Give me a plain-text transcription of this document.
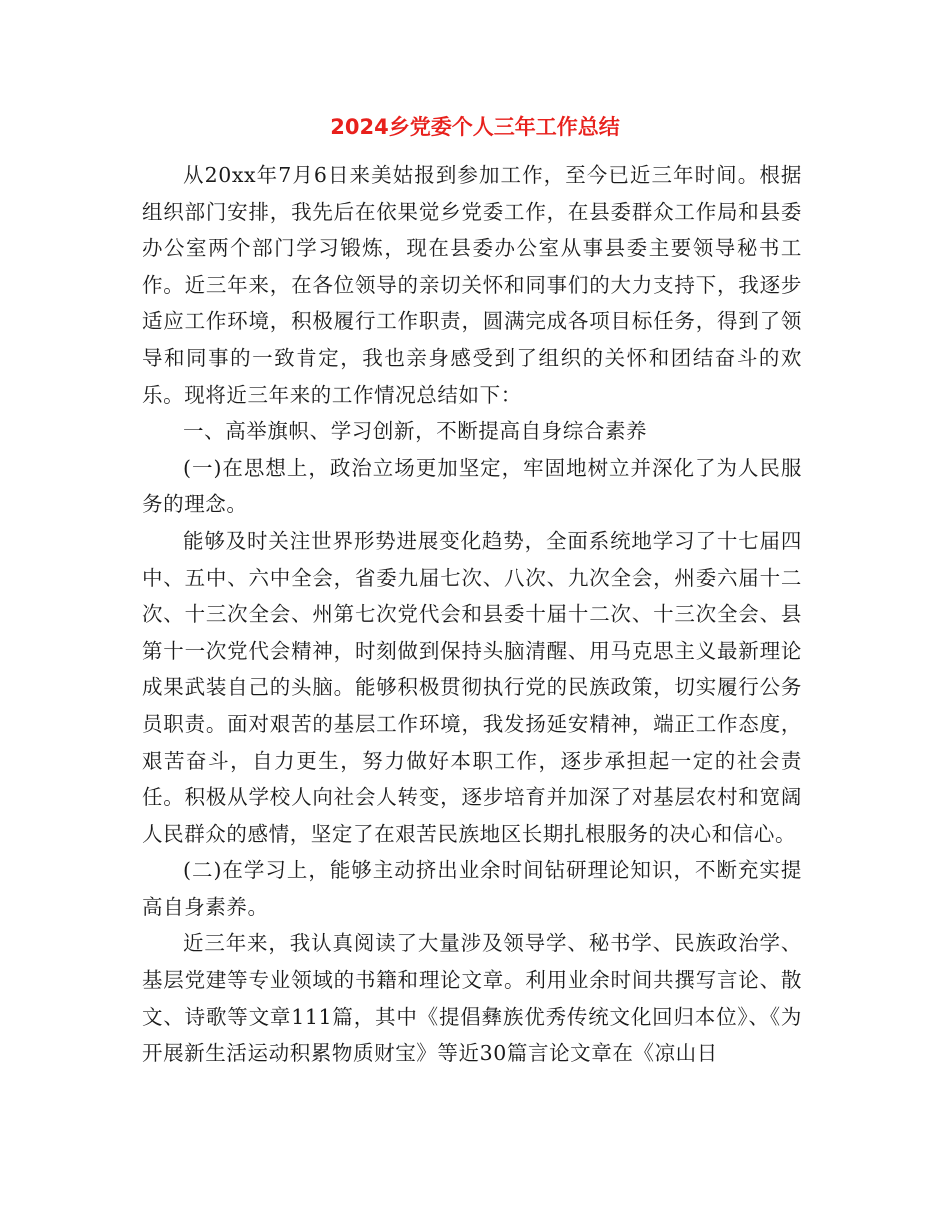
2024乡党委个人三年工作总结

从20xx年7月6日来美姑报到参加工作，至今已近三年时间。根据组织部门安排，我先后在依果觉乡党委工作，在县委群众工作局和县委办公室两个部门学习锻炼，现在县委办公室从事县委主要领导秘书工作。近三年来，在各位领导的亲切关怀和同事们的大力支持下，我逐步适应工作环境，积极履行工作职责，圆满完成各项目标任务，得到了领导和同事的一致肯定，我也亲身感受到了组织的关怀和团结奋斗的欢乐。现将近三年来的工作情况总结如下：

一、高举旗帜、学习创新，不断提高自身综合素养

(一)在思想上，政治立场更加坚定，牢固地树立并深化了为人民服务的理念。

能够及时关注世界形势进展变化趋势，全面系统地学习了十七届四中、五中、六中全会，省委九届七次、八次、九次全会，州委六届十二次、十三次全会、州第七次党代会和县委十届十二次、十三次全会、县第十一次党代会精神，时刻做到保持头脑清醒、用马克思主义最新理论成果武装自己的头脑。能够积极贯彻执行党的民族政策，切实履行公务员职责。面对艰苦的基层工作环境，我发扬延安精神，端正工作态度，艰苦奋斗，自力更生，努力做好本职工作，逐步承担起一定的社会责任。积极从学校人向社会人转变，逐步培育并加深了对基层农村和宽阔人民群众的感情，坚定了在艰苦民族地区长期扎根服务的决心和信心。

(二)在学习上，能够主动挤出业余时间钻研理论知识，不断充实提高自身素养。

近三年来，我认真阅读了大量涉及领导学、秘书学、民族政治学、基层党建等专业领域的书籍和理论文章。利用业余时间共撰写言论、散文、诗歌等文章111篇，其中《提倡彝族优秀传统文化回归本位》、《为开展新生活运动积累物质财宝》等近30篇言论文章在《凉山日
